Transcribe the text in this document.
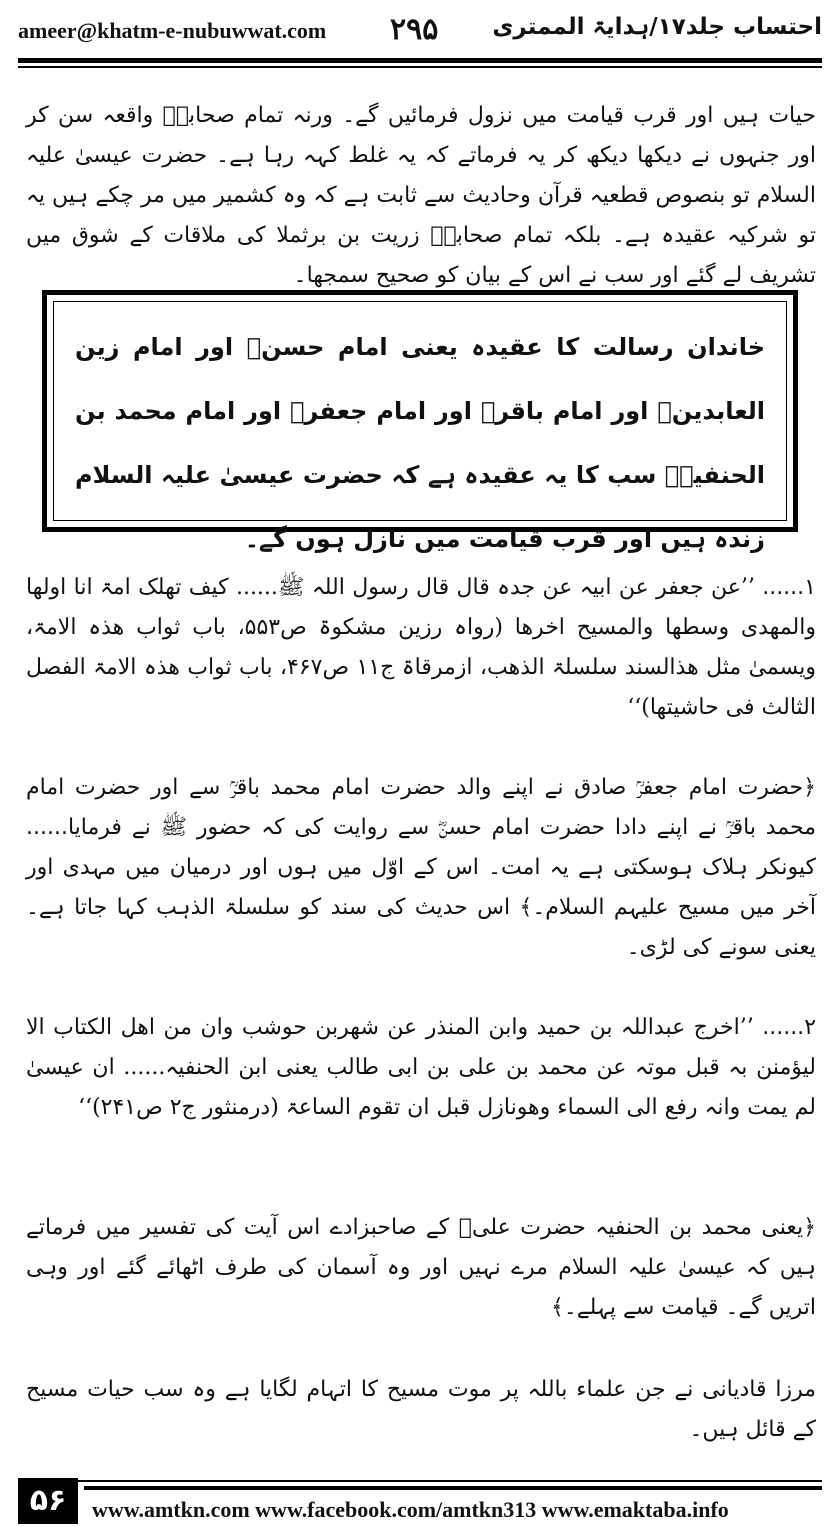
ameer@khatm-e-nubuwwat.com ۲۹۵ احتساب جلد۱۷/ہدایۃ الممتری

حیات ہیں اور قرب قیامت میں نزول فرمائیں گے۔ ورنہ تمام صحابہؓ واقعہ سن کر اور جنہوں نے دیکھا دیکھ کر یہ فرماتے کہ یہ غلط کہہ رہا ہے۔ حضرت عیسیٰ علیہ السلام تو بنصوص قطعیہ قرآن وحادیث سے ثابت ہے کہ وہ کشمیر میں مر چکے ہیں یہ تو شرکیہ عقیدہ ہے۔ بلکہ تمام صحابہؓ زریت بن برثملا کی ملاقات کے شوق میں تشریف لے گئے اور سب نے اس کے بیان کو صحیح سمجھا۔

خاندان رسالت کا عقیدہ یعنی امام حسنؓ اور امام زین العابدینؒ اور امام باقرؒ اور امام جعفرؒ اور امام محمد بن الحنفیہؒ سب کا یہ عقیدہ ہے کہ حضرت عیسیٰ علیہ السلام زندہ ہیں اور قرب قیامت میں نازل ہوں گے۔

۱...... ’’عن جعفر عن ابیہ عن جدہ قال قال رسول اللہ ﷺ...... کیف تھلک امۃ انا اولھا والمھدی وسطھا والمسیح اخرھا (رواہ رزین مشکوۃ ص۵۵۳، باب ثواب ھذہ الامۃ، ویسمیٰ مثل ھذالسند سلسلۃ الذھب، ازمرقاۃ ج۱۱ ص۴۶۷، باب ثواب ھذہ الامۃ الفصل الثالث فی حاشیتھا)‘‘

﴿حضرت امام جعفرؒ صادق نے اپنے والد حضرت امام محمد باقرؒ سے اور حضرت امام محمد باقرؒ نے اپنے دادا حضرت امام حسنؓ سے روایت کی کہ حضور ﷺ نے فرمایا...... کیونکر ہلاک ہوسکتی ہے یہ امت۔ اس کے اوّل میں ہوں اور درمیان میں مہدی اور آخر میں مسیح علیہم السلام۔﴾ اس حدیث کی سند کو سلسلۃ الذہب کہا جاتا ہے۔ یعنی سونے کی لڑی۔

۲...... ’’اخرج عبداللہ بن حمید وابن المنذر عن شھربن حوشب وان من اھل الکتاب الا لیؤمنن بہ قبل موتہ عن محمد بن علی بن ابی طالب یعنی ابن الحنفیہ...... ان عیسیٰ لم یمت وانہ رفع الی السماء وھونازل قبل ان تقوم الساعۃ (درمنثور ج۲ ص۲۴۱)‘‘

﴿یعنی محمد بن الحنفیہ حضرت علیؓ کے صاحبزادے اس آیت کی تفسیر میں فرماتے ہیں کہ عیسیٰ علیہ السلام مرے نہیں اور وہ آسمان کی طرف اٹھائے گئے اور وہی اتریں گے۔ قیامت سے پہلے۔﴾

مرزا قادیانی نے جن علماء باللہ پر موت مسیح کا اتہام لگایا ہے وہ سب حیات مسیح کے قائل ہیں۔

۵۶	www.amtkn.com www.facebook.com/amtkn313 www.emaktaba.info
